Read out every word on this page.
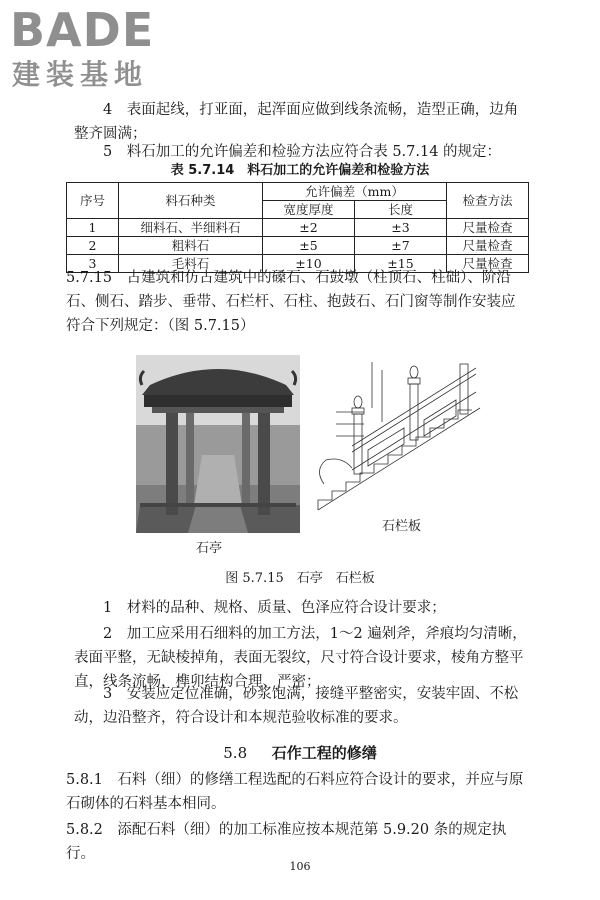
BADE
建装基地

4　表面起线，打亚面，起浑面应做到线条流畅，造型正确，边角整齐圆满；

5　料石加工的允许偏差和检验方法应符合表 5.7.14 的规定：

表 5.7.14　料石加工的允许偏差和检验方法
序号	料石种类	允许偏差（mm）		检查方法
		宽度厚度	长度	
1	细料石、半细料石	±2	±3	尺量检查
2	粗料石	±5	±7	尺量检查
3	毛料石	±10	±15	尺量检查

5.7.15　古建筑和仿古建筑中的磉石、石鼓墩（柱顶石、柱础）、阶沿石、侧石、踏步、垂带、石栏杆、石柱、抱鼓石、石门窗等制作安装应符合下列规定：（图 5.7.15）

石亭
石栏板
图 5.7.15　石亭　石栏板

1　材料的品种、规格、质量、色泽应符合设计要求；

2　加工应采用石细料的加工方法，1～2 遍剁斧，斧痕均匀清晰，表面平整，无缺棱掉角，表面无裂纹，尺寸符合设计要求，棱角方整平直，线条流畅，榫卯结构合理、严密；

3　安装应定位准确，砂浆饱满，接缝平整密实，安装牢固、不松动，边沿整齐，符合设计和本规范验收标准的要求。

5.8 　 石作工程的修缮

5.8.1　石料（细）的修缮工程选配的石料应符合设计的要求，并应与原石砌体的石料基本相同。

5.8.2　添配石料（细）的加工标准应按本规范第 5.9.20 条的规定执行。

106
